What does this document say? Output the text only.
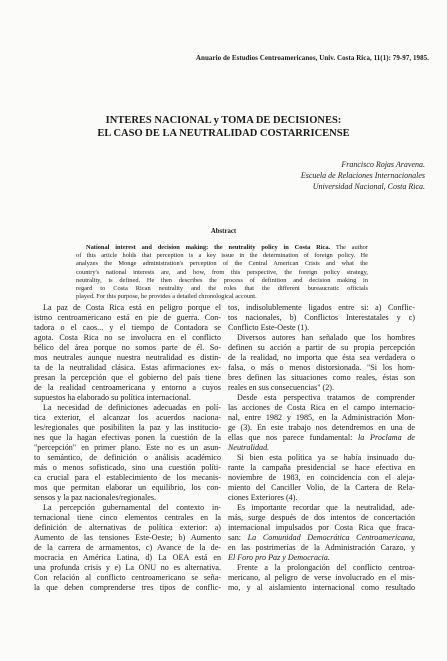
Anuario de Estudios Centroamericanos, Univ. Costa Rica, 11(1): 79-97, 1985.
INTERES NACIONAL y TOMA DE DECISIONES:
EL CASO DE LA NEUTRALIDAD COSTARRICENSE
Francisco Rojas Aravena.
Escuela de Relaciones Internacionales
Universidad Nacional, Costa Rica.
Abstract
National interest and decision making: the neutrality policy in Costa Rica. The author
of this article holds that perception is a key issue in the determination of foreign policy. He
analyzes the Monge administration's perception of the Central American Crisis and what the
country's national interests are, and how, from this perspective, the foreign policy strategy,
neutrality, is defined. He then describes the process of definition and decision making in
regard to Costa Rican neutrality and the roles that the different bureaucratic officials
played. For this purpose, he provides a detailed chronological account.
La paz de Costa Rica está en peligro porque el
istmo centroamericano está en pie de guerra. Con-
tadora o el caos... y el tiempo de Contadora se
agota. Costa Rica no se involucra en el conflicto
bélico del área porque no somos parte de él. So-
mos neutrales aunque nuestra neutralidad es distin-
ta de la neutralidad clásica. Estas afirmaciones ex-
presan la percepción que el gobierno del país tiene
de la realidad centroamericana y entorno a cuyos
supuestos ha elaborado su política internacional.
La necesidad de definiciones adecuadas en polí-
tica exterior, el alcanzar los acuerdos naciona-
les/regionales que posibiliten la paz y las institucio-
nes que la hagan efectivas ponen la cuestión de la
"percepción" en primer plano. Este no es un asun-
to semántico, de definición o análisis académico
más o menos sofisticado, sino una cuestión políti-
ca crucial para el establecimiento de los mecanis-
mos que permitan elaborar un equilibrio, los con-
sensos y la paz nacionales/regionales.
La percepción gubernamental del contexto in-
ternacional tiene cinco elementos centrales en la
definición de alternativas de política exterior: a)
Aumento de las tensiones Este-Oeste; b) Aumento
de la carrera de armamentos, c) Avance de la de-
mocracia en América Latina, d) La OEA está en
una profunda crisis y e) La ONU no es alternativa.
Con relación al conflicto centroamericano se seña-
la que deben comprenderse tres tipos de conflic-
tos, indisolublemente ligados entre si: a) Conflic-
tos nacionales, b) Conflictos Interestatales y c)
Conflicto Este-Oeste (1).
Diversos autores han señalado que los hombres
definen su acción a partir de su propia percepción
de la realidad, no importa que ésta sea verdadera o
falsa, o más o menos distorsionada. "Si los hom-
bres definen las situaciones como reales, éstas son
reales en sus consecuencias" (2).
Desde esta perspectiva tratamos de comprender
las acciones de Costa Rica en el campo internacio-
nal, entre 1982 y 1985, en la Administración Mon-
ge (3). En este trabajo nos detendremos en una de
ellas que nos parece fundamental: la Proclama de
Neutralidad.
Si bien esta política ya se había insinuado du-
rante la campaña presidencial se hace efectiva en
noviembre de 1983, en coincidencia con el aleja-
miento del Canciller Volio, de la Cartera de Rela-
ciones Exteriores (4).
Es importante recordar que la neutralidad, ade-
más, surge después de dos intentos de concertación
internacional impulsados por Costa Rica que fraca-
san: La Comunidad Democrática Centroamericana,
en las postrimerías de la Administración Carazo, y
El Foro pro Paz y Democracia.
Frente a la prolongación del conflicto centroa-
mericano, al peligro de verse involucrado en el mis-
mo, y al aislamiento internacional como resultado
